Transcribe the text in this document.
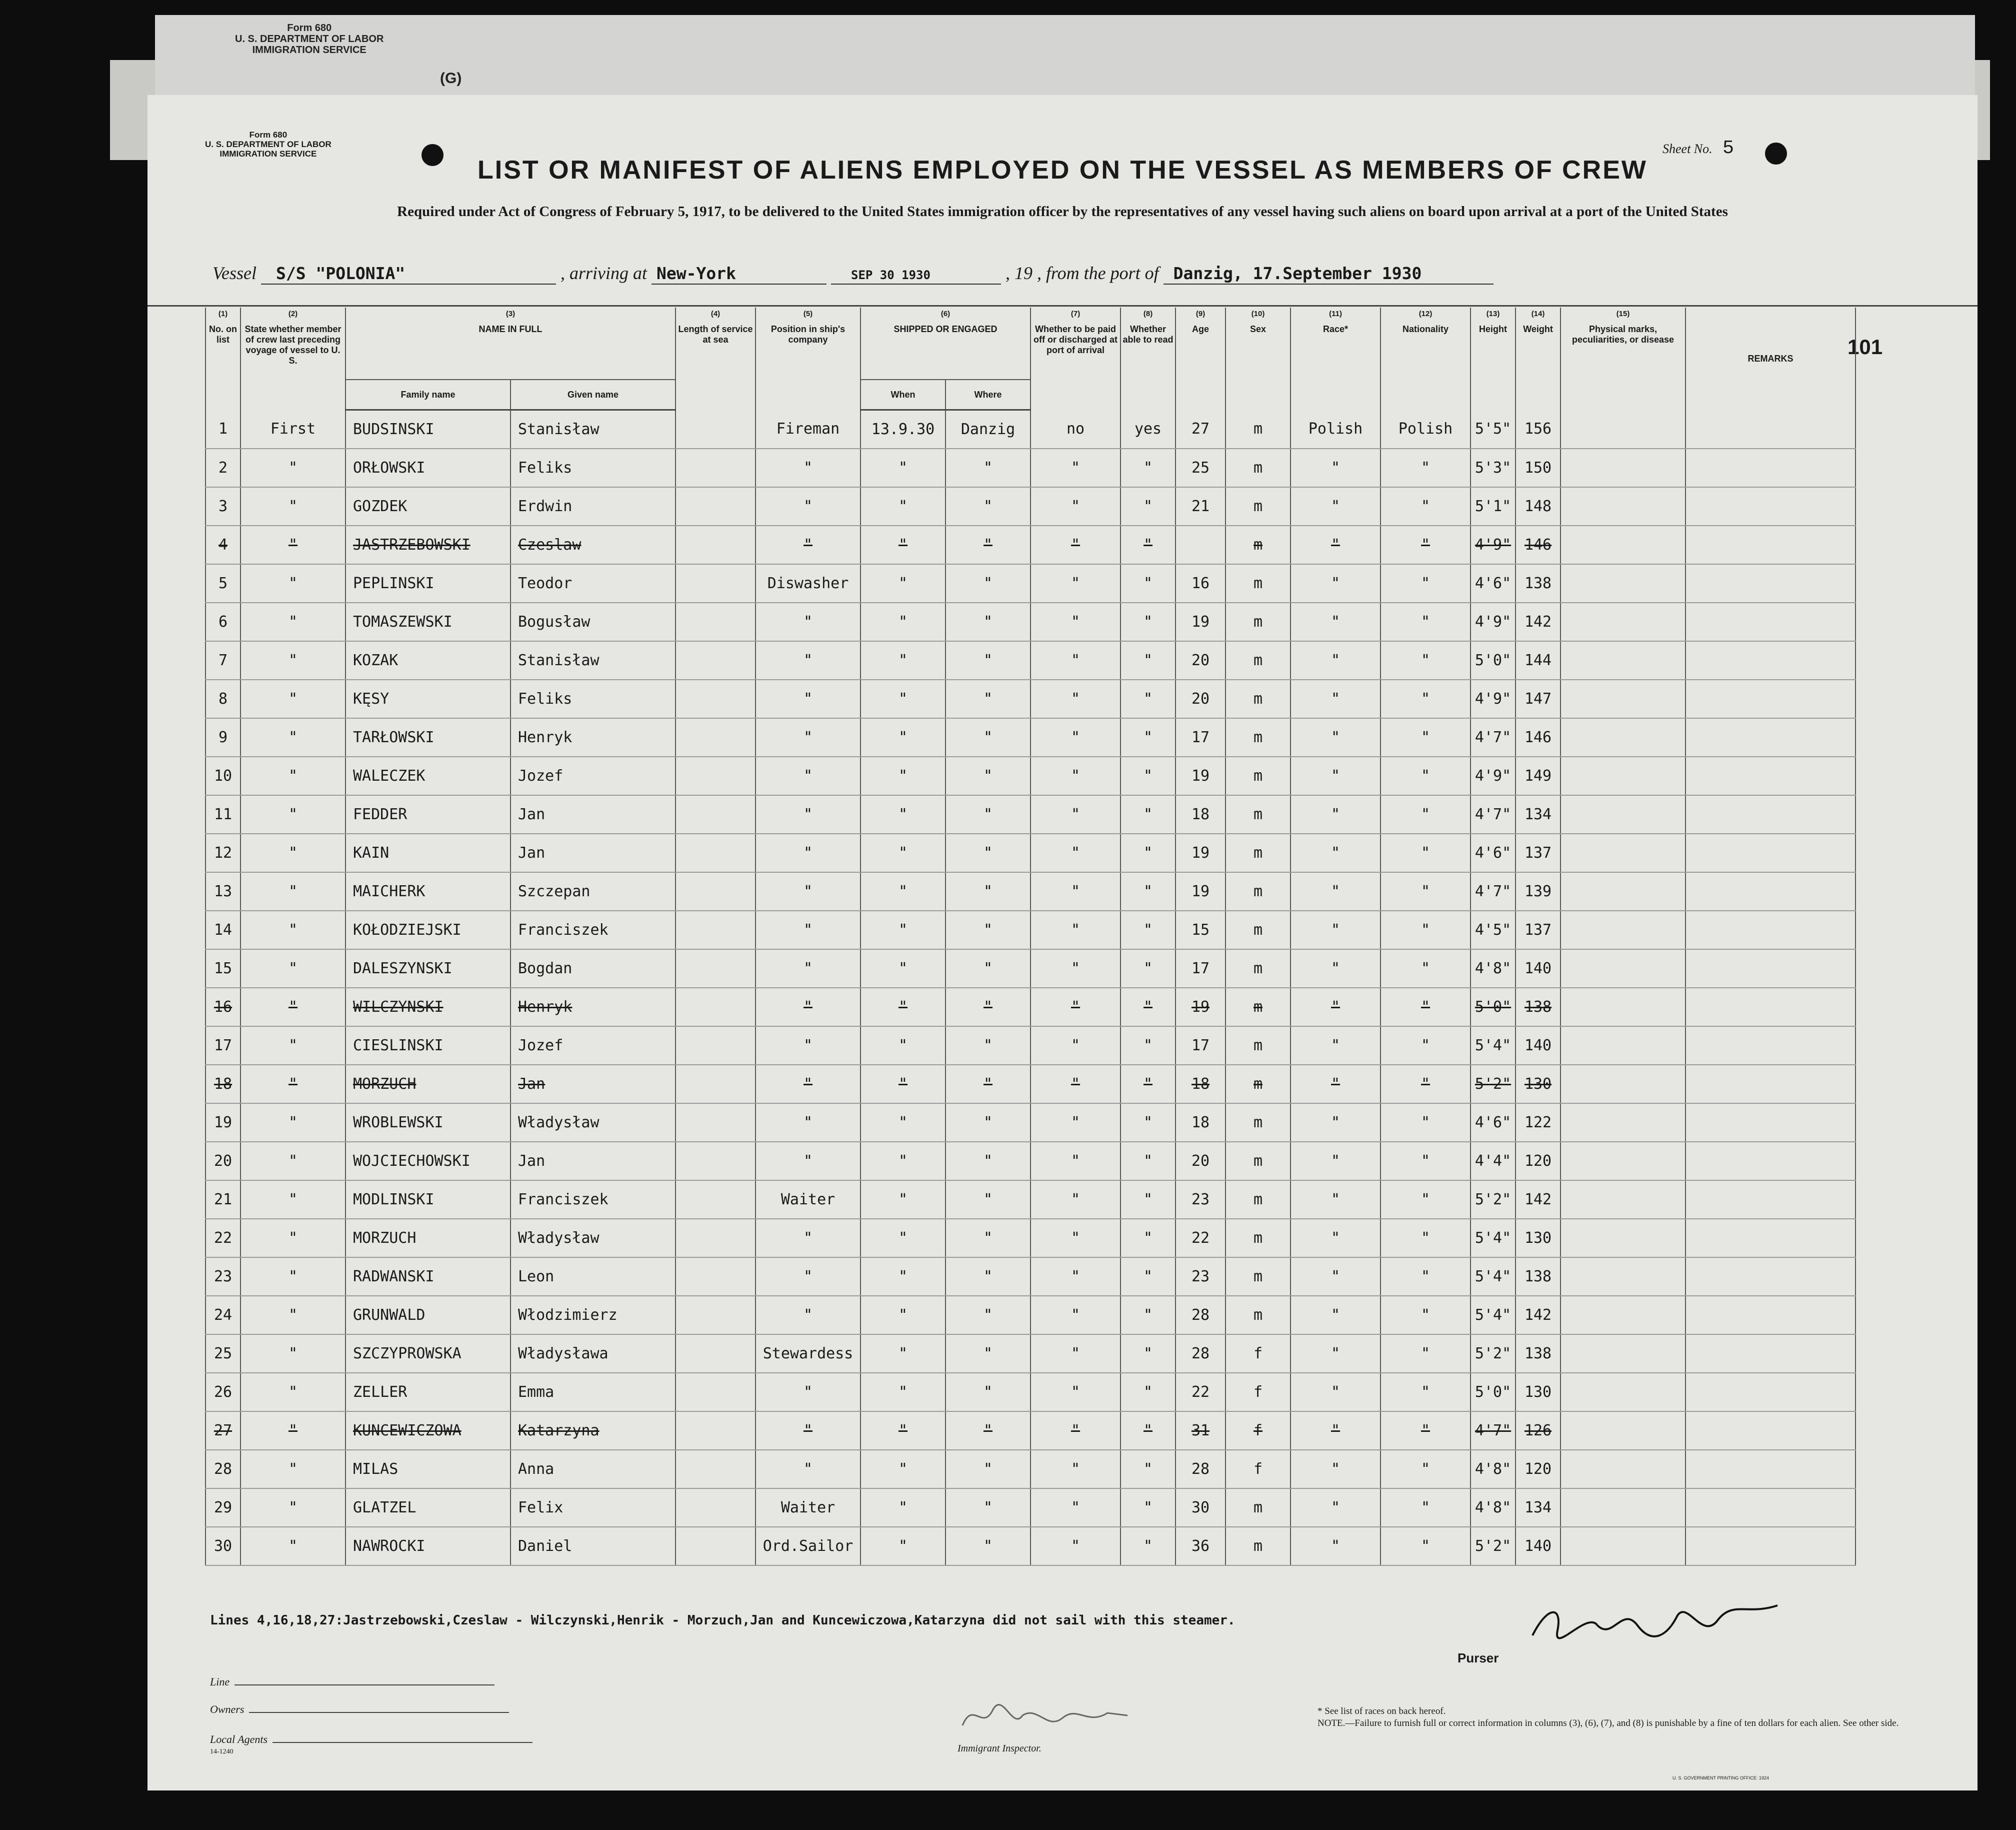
Form 680
U. S. DEPARTMENT OF LABOR
IMMIGRATION SERVICE
(G)
Form 680
U. S. DEPARTMENT OF LABOR
IMMIGRATION SERVICE
LIST OR MANIFEST OF ALIENS EMPLOYED ON THE VESSEL AS MEMBERS OF CREW
Required under Act of Congress of February 5, 1917, to be delivered to the United States immigration officer by the representatives of any vessel having such aliens on board upon arrival at a port of the United States
Sheet No. 5
Vessel S/S "POLONIA"	, arriving at New-York	SEP 30 1930	, 19 , from the port of Danzig, 17.September 1930
101
(1)
No. on list	(2)
State whether member of crew last preceding voyage of vessel to U. S.	(3)
NAME IN FULL		(4)
Length of service at sea	(5)
Position in ship's company	(6)
SHIPPED OR ENGAGED		(7)
Whether to be paid off or discharged at port of arrival	(8)
Whether able to read	(9)
Age	(10)
Sex	(11)
Race*	(12)
Nationality	(13)
Height	(14)
Weight	(15)
Physical marks, peculiarities, or disease	REMARKS
		Family name	Given name			When	Where										
1	First	BUDSINSKI	Stanisław		Fireman	13.9.30	Danzig	no	yes	27	m	Polish	Polish	5'5"	156		
2	"	ORŁOWSKI	Feliks		"	"	"	"	"	25	m	"	"	5'3"	150		
3	"	GOZDEK	Erdwin		"	"	"	"	"	21	m	"	"	5'1"	148		
4	"	JASTRZEBOWSKI	Czeslaw		"	"	"	"	"		m	"	"	4'9"	146		
5	"	PEPLINSKI	Teodor		Diswasher	"	"	"	"	16	m	"	"	4'6"	138		
6	"	TOMASZEWSKI	Bogusław		"	"	"	"	"	19	m	"	"	4'9"	142		
7	"	KOZAK	Stanisław		"	"	"	"	"	20	m	"	"	5'0"	144		
8	"	KĘSY	Feliks		"	"	"	"	"	20	m	"	"	4'9"	147		
9	"	TARŁOWSKI	Henryk		"	"	"	"	"	17	m	"	"	4'7"	146		
10	"	WALECZEK	Jozef		"	"	"	"	"	19	m	"	"	4'9"	149		
11	"	FEDDER	Jan		"	"	"	"	"	18	m	"	"	4'7"	134		
12	"	KAIN	Jan		"	"	"	"	"	19	m	"	"	4'6"	137		
13	"	MAICHERK	Szczepan		"	"	"	"	"	19	m	"	"	4'7"	139		
14	"	KOŁODZIEJSKI	Franciszek		"	"	"	"	"	15	m	"	"	4'5"	137		
15	"	DALESZYNSKI	Bogdan		"	"	"	"	"	17	m	"	"	4'8"	140		
16	"	WILCZYNSKI	Henryk		"	"	"	"	"	19	m	"	"	5'0"	138		
17	"	CIESLINSKI	Jozef		"	"	"	"	"	17	m	"	"	5'4"	140		
18	"	MORZUCH	Jan		"	"	"	"	"	18	m	"	"	5'2"	130		
19	"	WROBLEWSKI	Władysław		"	"	"	"	"	18	m	"	"	4'6"	122		
20	"	WOJCIECHOWSKI	Jan		"	"	"	"	"	20	m	"	"	4'4"	120		
21	"	MODLINSKI	Franciszek		Waiter	"	"	"	"	23	m	"	"	5'2"	142		
22	"	MORZUCH	Władysław		"	"	"	"	"	22	m	"	"	5'4"	130		
23	"	RADWANSKI	Leon		"	"	"	"	"	23	m	"	"	5'4"	138		
24	"	GRUNWALD	Włodzimierz		"	"	"	"	"	28	m	"	"	5'4"	142		
25	"	SZCZYPROWSKA	Władysława		Stewardess	"	"	"	"	28	f	"	"	5'2"	138		
26	"	ZELLER	Emma		"	"	"	"	"	22	f	"	"	5'0"	130		
27	"	KUNCEWICZOWA	Katarzyna		"	"	"	"	"	31	f	"	"	4'7"	126		
28	"	MILAS	Anna		"	"	"	"	"	28	f	"	"	4'8"	120		
29	"	GLATZEL	Felix		Waiter	"	"	"	"	30	m	"	"	4'8"	134		
30	"	NAWROCKI	Daniel		Ord.Sailor	"	"	"	"	36	m	"	"	5'2"	140		
Lines 4,16,18,27:Jastrzebowski,Czeslaw - Wilczynski,Henrik - Morzuch,Jan and Kuncewiczowa,Katarzyna did not sail with this steamer.
Purser
Line
Owners
Local Agents
14-1240	Immigrant Inspector.
* See list of races on back hereof.
NOTE.—Failure to furnish full or correct information in columns (3), (6), (7), and (8) is punishable by a fine of ten dollars for each alien. See other side.
U. S. GOVERNMENT PRINTING OFFICE: 1924
